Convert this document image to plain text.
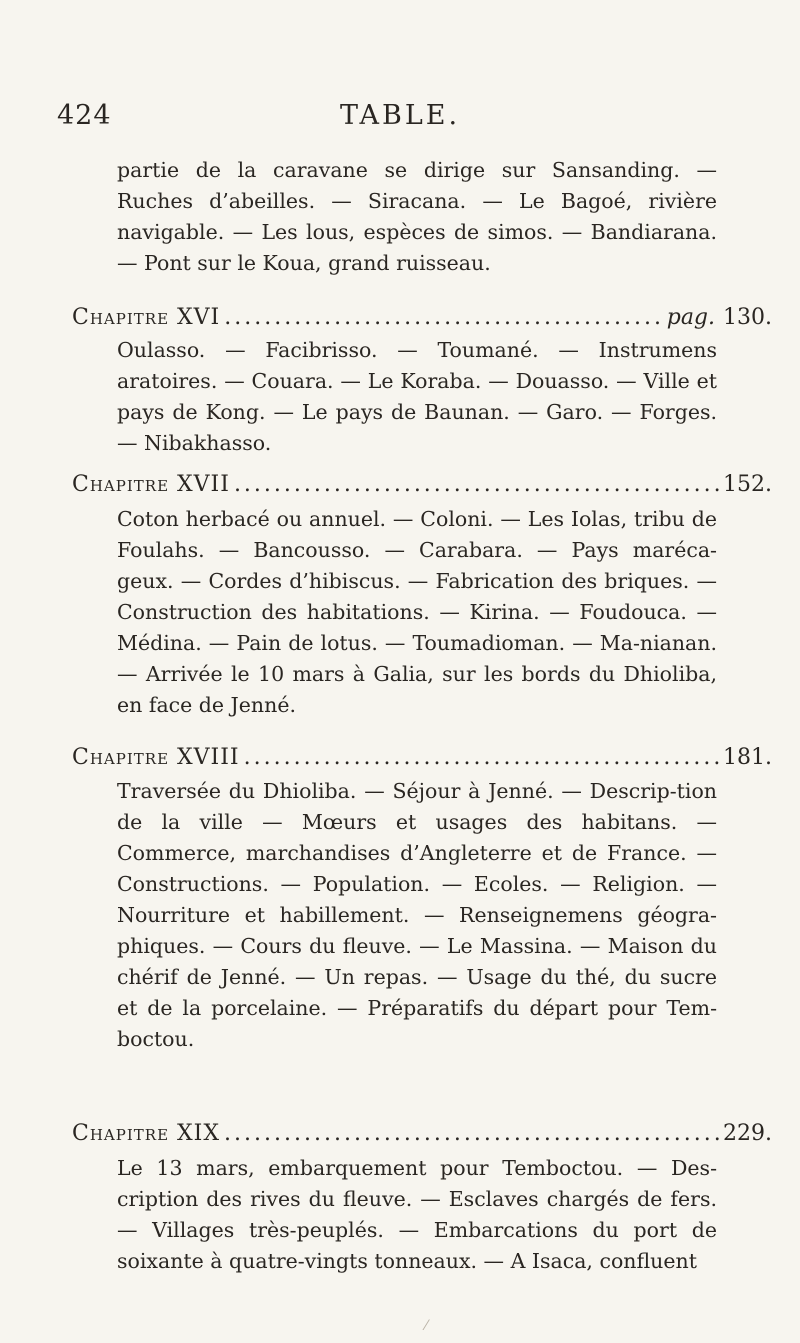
424	TABLE.
partie de la caravane se dirige sur Sansanding. — Ruches d’abeilles. — Siracana. — Le Bagoé, rivière navigable. — Les lous, espèces de simos. — Bandiarana. — Pont sur le Koua, grand ruisseau.
Chapitre XVI .....	pag. 130.
Oulasso. — Facibrisso. — Toumané. — Instrumens aratoires. — Couara. — Le Koraba. — Douasso. — Ville et pays de Kong. — Le pays de Baunan. — Garo. — Forges. — Nibakhasso.
Chapitre XVII .....	152.
Coton herbacé ou annuel. — Coloni. — Les Iolas, tribu de Foulahs. — Bancousso. — Carabara. — Pays maréca-geux. — Cordes d’hibiscus. — Fabrication des briques. — Construction des habitations. — Kirina. — Foudouca. — Médina. — Pain de lotus. — Toumadioman. — Ma-nianan. — Arrivée le 10 mars à Galia, sur les bords du Dhioliba, en face de Jenné.
Chapitre XVIII .....	181.
Traversée du Dhioliba. — Séjour à Jenné. — Descrip-tion de la ville — Mœurs et usages des habitans. — Commerce, marchandises d’Angleterre et de France. — Constructions. — Population. — Ecoles. — Religion. — Nourriture et habillement. — Renseignemens géogra-phiques. — Cours du fleuve. — Le Massina. — Maison du chérif de Jenné. — Un repas. — Usage du thé, du sucre et de la porcelaine. — Préparatifs du départ pour Tem-boctou.
Chapitre XIX .....	229.
Le 13 mars, embarquement pour Temboctou. — Des-cription des rives du fleuve. — Esclaves chargés de fers. — Villages très-peuplés. — Embarcations du port de soixante à quatre-vingts tonneaux. — A Isaca, confluent
⁄
